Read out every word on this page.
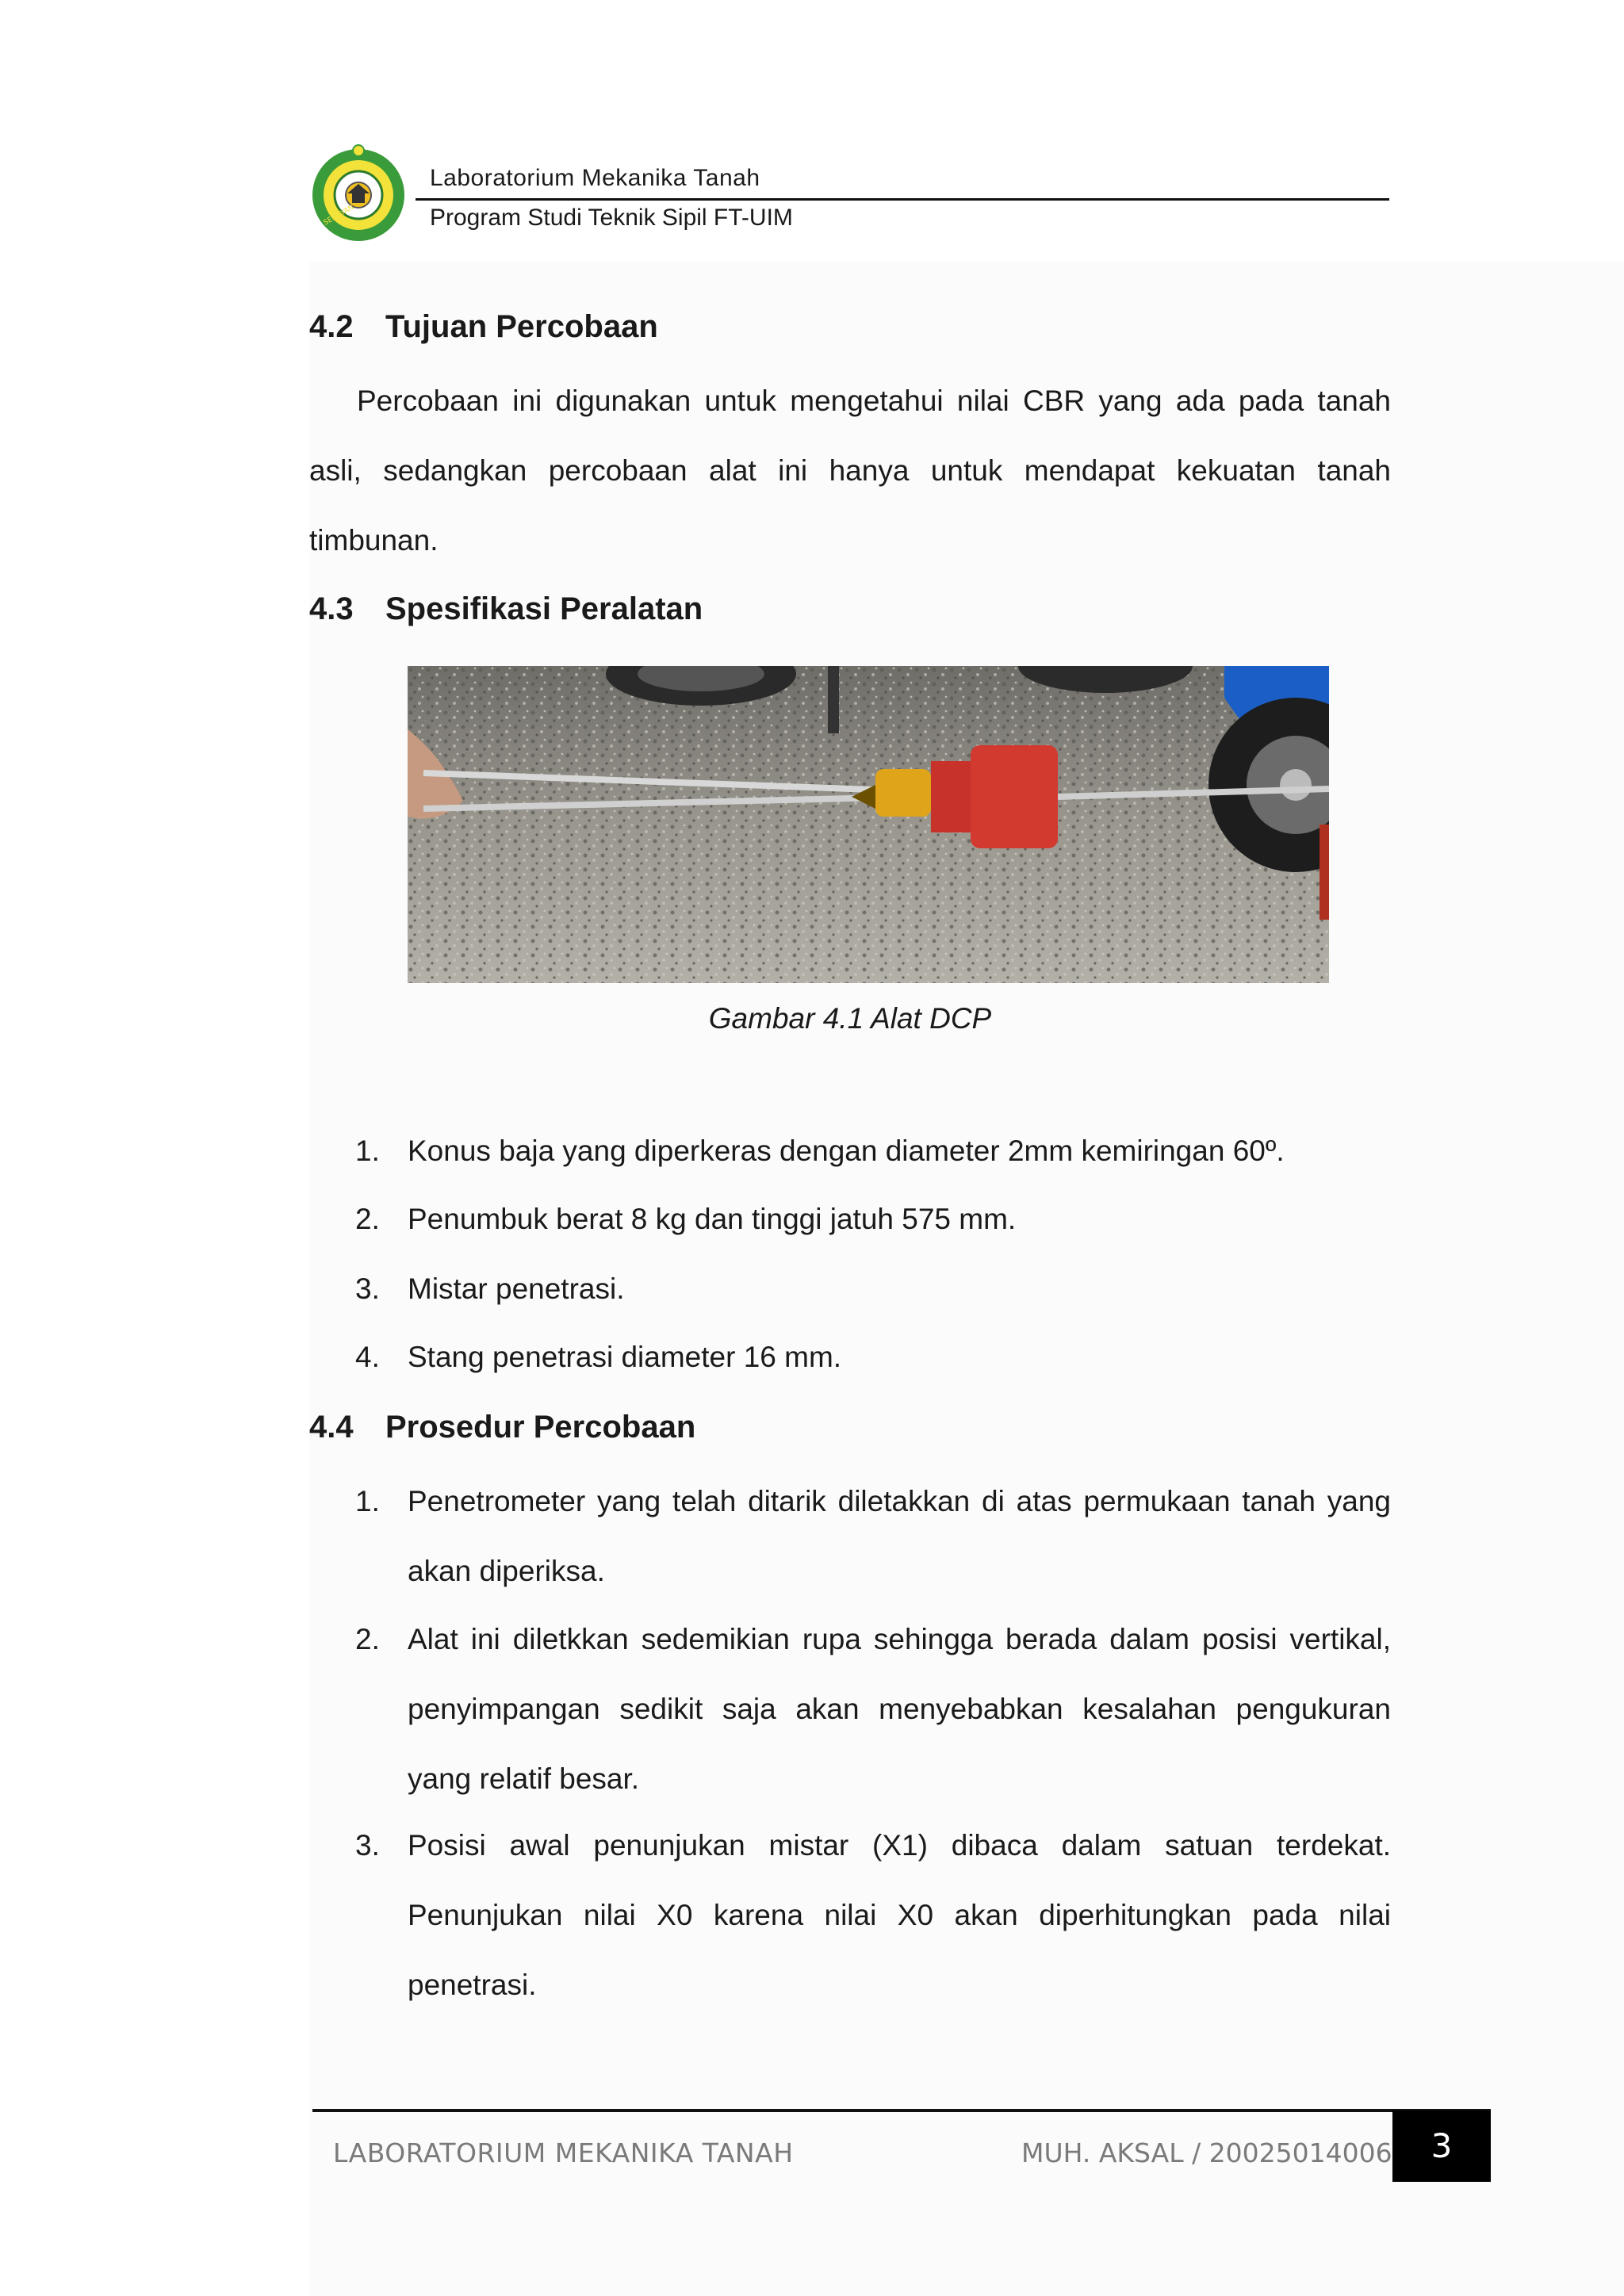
SEMAYAN
Laboratorium Mekanika Tanah
Program Studi Teknik Sipil FT-UIM
4.2 Tujuan Percobaan

Percobaan ini digunakan untuk mengetahui nilai CBR yang ada pada tanah asli, sedangkan percobaan alat ini hanya untuk mendapat kekuatan tanah timbunan.

4.3 Spesifikasi Peralatan
Gambar 4.1 Alat DCP
1. Konus baja yang diperkeras dengan diameter 2mm kemiringan 60º.
2. Penumbuk berat 8 kg dan tinggi jatuh 575 mm.
3. Mistar penetrasi.
4. Stang penetrasi diameter 16 mm.
4.4 Prosedur Percobaan
1. Penetrometer yang telah ditarik diletakkan di atas permukaan tanah yang akan diperiksa.
2. Alat ini diletkkan sedemikian rupa sehingga berada dalam posisi vertikal, penyimpangan sedikit saja akan menyebabkan kesalahan pengukuran yang relatif besar.
3. Posisi awal penunjukan mistar (X1) dibaca dalam satuan terdekat. Penunjukan nilai X0 karena nilai X0 akan diperhitungkan pada nilai penetrasi.
LABORATORIUM MEKANIKA TANAH	MUH. AKSAL / 20025014006	3
